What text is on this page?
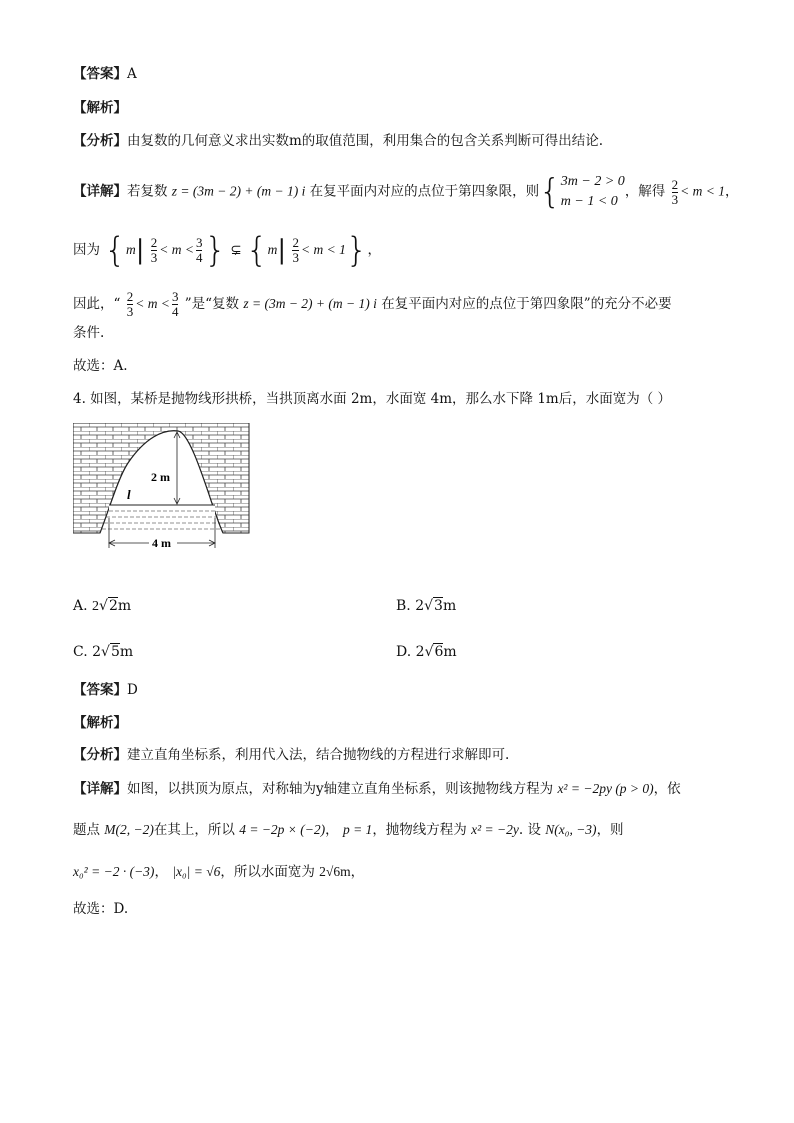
【答案】A
【解析】
【分析】由复数的几何意义求出实数m的取值范围，利用集合的包含关系判断可得出结论.
【详解】若复数 z = (3m − 2) + (m − 1) i 在复平面内对应的点位于第四象限，则{ 3m − 2 > 0
m − 1 < 0
，解得 $\frac{2}{3} < m < 1$，
因为 {$m| \frac{2}{3} < m < \frac{3}{4}$ } ⊊ $\{m| \frac{2}{3} < m < 1\}$，
因此，“ $\frac{2}{3} < m < \frac{3}{4}$ ”是“复数 z = (3m − 2) + (m − 1) i 在复平面内对应的点位于第四象限”的充分不必要
条件.
故选：A.
4. 如图，某桥是抛物线形拱桥，当拱顶离水面 2m，水面宽 4m，那么水下降 1m后，水面宽为（ ）
2 m
l
4 m
A. 2√2m	B. 2√3m
C. 2√5m	D. 2√6m
【答案】D
【解析】
【分析】建立直角坐标系，利用代入法，结合抛物线的方程进行求解即可.
【详解】如图，以拱顶为原点，对称轴为y轴建立直角坐标系，则该抛物线方程为 x² = −2py (p > 0)，依
题点 M(2, −2)在其上，所以 4 = −2p × (−2)， p = 1，抛物线方程为 x² = −2y. 设 N(x₀, −3)，则
x₀² = −2 · (−3)， |x₀| = √6，所以水面宽为 2√6m，
故选：D.
